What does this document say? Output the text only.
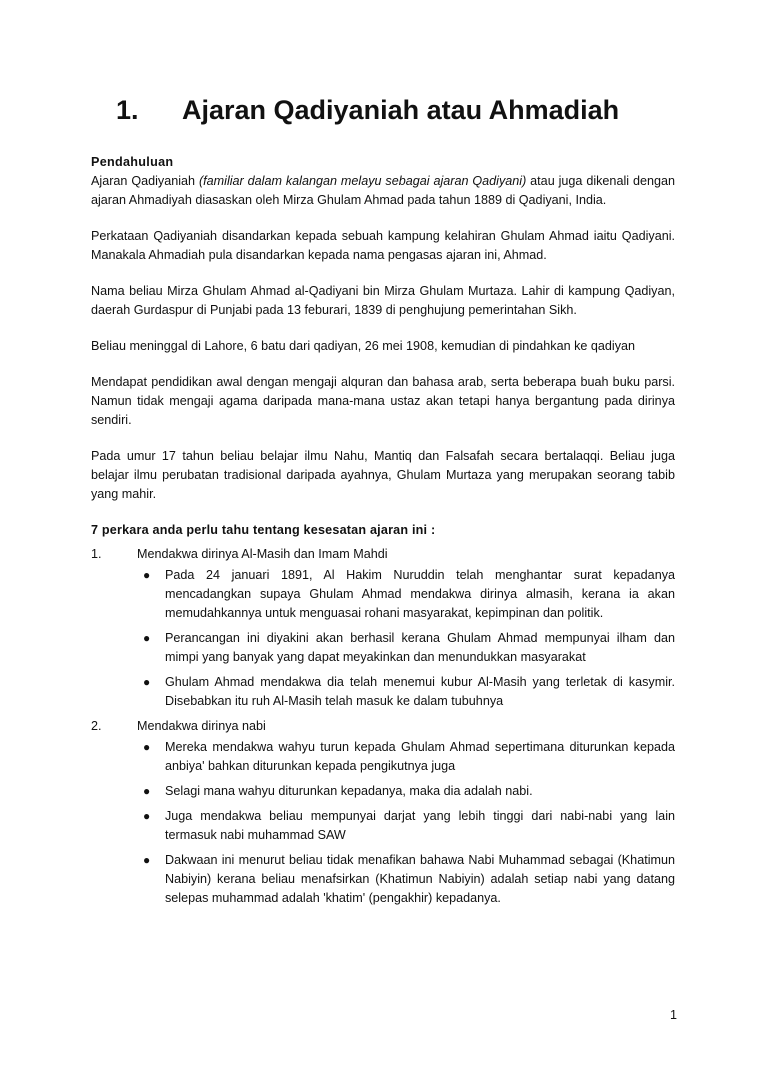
1. Ajaran Qadiyaniah atau Ahmadiah
Pendahuluan

Ajaran Qadiyaniah (familiar dalam kalangan melayu sebagai ajaran Qadiyani) atau juga dikenali dengan ajaran Ahmadiyah diasaskan oleh Mirza Ghulam Ahmad pada tahun 1889 di Qadiyani, India.

Perkataan Qadiyaniah disandarkan kepada sebuah kampung kelahiran Ghulam Ahmad iaitu Qadiyani. Manakala Ahmadiah pula disandarkan kepada nama pengasas ajaran ini, Ahmad.

Nama beliau Mirza Ghulam Ahmad al-Qadiyani bin Mirza Ghulam Murtaza. Lahir di kampung Qadiyan, daerah Gurdaspur di Punjabi pada 13 feburari, 1839 di penghujung pemerintahan Sikh.

Beliau meninggal di Lahore, 6 batu dari qadiyan, 26 mei 1908, kemudian di pindahkan ke qadiyan

Mendapat pendidikan awal dengan mengaji alquran dan bahasa arab, serta beberapa buah buku parsi. Namun tidak mengaji agama daripada mana-mana ustaz akan tetapi hanya bergantung pada dirinya sendiri.

Pada umur 17 tahun beliau belajar ilmu Nahu, Mantiq dan Falsafah secara bertalaqqi. Beliau juga belajar ilmu perubatan tradisional daripada ayahnya, Ghulam Murtaza yang merupakan seorang tabib yang mahir.

7 perkara anda perlu tahu tentang kesesatan ajaran ini :
1.	Mendakwa dirinya Al-Masih dan Imam Mahdi
● Pada 24 januari 1891, Al Hakim Nuruddin telah menghantar surat kepadanya mencadangkan supaya Ghulam Ahmad mendakwa dirinya almasih, kerana ia akan memudahkannya untuk menguasai rohani masyarakat, kepimpinan dan politik.
● Perancangan ini diyakini akan berhasil kerana Ghulam Ahmad mempunyai ilham dan mimpi yang banyak yang dapat meyakinkan dan menundukkan masyarakat
● Ghulam Ahmad mendakwa dia telah menemui kubur Al-Masih yang terletak di kasymir. Disebabkan itu ruh Al-Masih telah masuk ke dalam tubuhnya
2.	Mendakwa dirinya nabi
● Mereka mendakwa wahyu turun kepada Ghulam Ahmad sepertimana diturunkan kepada anbiya' bahkan diturunkan kepada pengikutnya juga
● Selagi mana wahyu diturunkan kepadanya, maka dia adalah nabi.
● Juga mendakwa beliau mempunyai darjat yang lebih tinggi dari nabi-nabi yang lain termasuk nabi muhammad SAW
● Dakwaan ini menurut beliau tidak menafikan bahawa Nabi Muhammad sebagai (Khatimun Nabiyin) kerana beliau menafsirkan (Khatimun Nabiyin) adalah setiap nabi yang datang selepas muhammad adalah 'khatim' (pengakhir) kepadanya.
1
